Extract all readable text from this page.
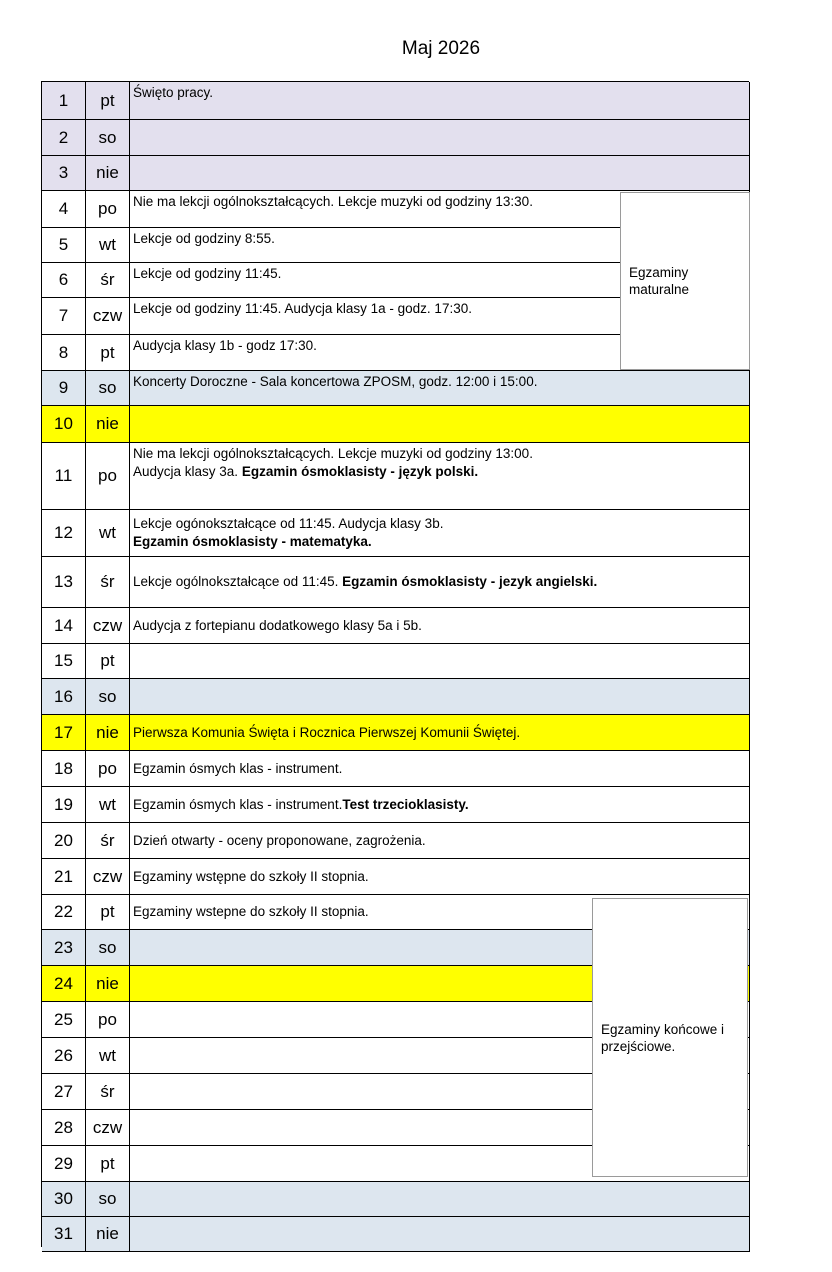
Maj 2026
1	pt	Święto pracy.
2	so
3	nie
4	po	Nie ma lekcji ogólnokształcących. Lekcje muzyki od godziny 13:30.
5	wt	Lekcje od godziny 8:55.
6	śr	Lekcje od godziny 11:45.
7	czw Lekcje od godziny 11:45. Audycja klasy 1a - godz. 17:30.
8	pt	Audycja klasy 1b - godz 17:30.
9	so	Koncerty Doroczne - Sala koncertowa ZPOSM, godz. 12:00 i 15:00.
10	nie
11	po
Nie ma lekcji ogólnokształcących. Lekcje muzyki od godziny 13:00.
Audycja klasy 3a. Egzamin ósmoklasisty - język polski.
12	wt	Lekcje ogónokształcące od 11:45. Audycja klasy 3b.
Egzamin ósmoklasisty - matematyka.
13	śr	Lekcje ogólnokształcące od 11:45. Egzamin ósmoklasisty - jezyk angielski.
14	czw Audycja z fortepianu dodatkowego klasy 5a i 5b.
15	pt
16	so
17	nie	Pierwsza Komunia Święta i Rocznica Pierwszej Komunii Świętej.
18	po	Egzamin ósmych klas - instrument.
19	wt	Egzamin ósmych klas - instrument.Test trzecioklasisty.
20	śr	Dzień otwarty - oceny proponowane, zagrożenia.
21	czw Egzaminy wstępne do szkoły II stopnia.
22	pt	Egzaminy wstepne do szkoły II stopnia.
23	so
24	nie
25	po
26	wt
27	śr
28	czw
29	pt
30	so
31	nie
Egzaminy maturalne
Egzaminy końcowe i przejściowe.
